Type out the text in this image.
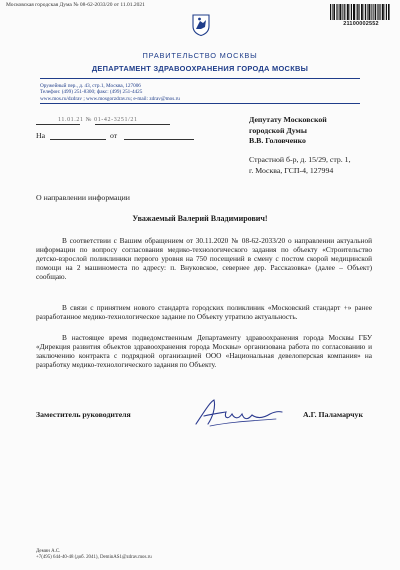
Московская городская Дума № 08-62-2033/20 от 11.01.2021
21100002552
ПРАВИТЕЛЬСТВО МОСКВЫ
ДЕПАРТАМЕНТ ЗДРАВООХРАНЕНИЯ ГОРОДА МОСКВЫ
Оружейный пер., д. 43, стр.1, Москва, 127006
Телефон: (499) 251-8300; факс: (499) 251-4425
www.mos.ru/dzdrav ; www.mosgorzdrav.ru; e-mail: zdrav@mos.ru
11.01.21 № 01-42-3251/21
На	от
Депутату Московской
городской Думы
В.В. Головченко
Страстной б-р, д. 15/29, стр. 1,
г. Москва, ГСП-4, 127994
О направлении информации
Уважаемый Валерий Владимирович!

В соответствии с Вашим обращением от 30.11.2020 № 08-62-2033/20 о направлении актуальной информации по вопросу согласования медико-технологического задания по объекту «Строительство детско-взрослой поликлиники первого уровня на 750 посещений в смену с постом скорой медицинской помощи на 2 машиноместа по адресу: п. Внуковское, северн​ее дер. Рассказовка» (далее – Объект) сообщаю.

В связи с принятием нового стандарта городских поликлиник «Московский стандарт +» ранее разработанное медико-технологическое задание по Объекту утратило актуальность.

В настоящее время подведомственным Департаменту здравоохранения города Москвы ГБУ «Дирекция развития объектов здравоохранения города Москвы» организована работа по согласованию и заключению контракта с подрядной организацией ООО «Национальная девелоперская компания» на разработку медико-технологического задания по Объекту.

Заместитель руководителя	А.Г. Паламарчук
Демин А.С.
+7(495) 644-40-48 (доб. 2041), DeminAS1@zdrav.mos.ru
